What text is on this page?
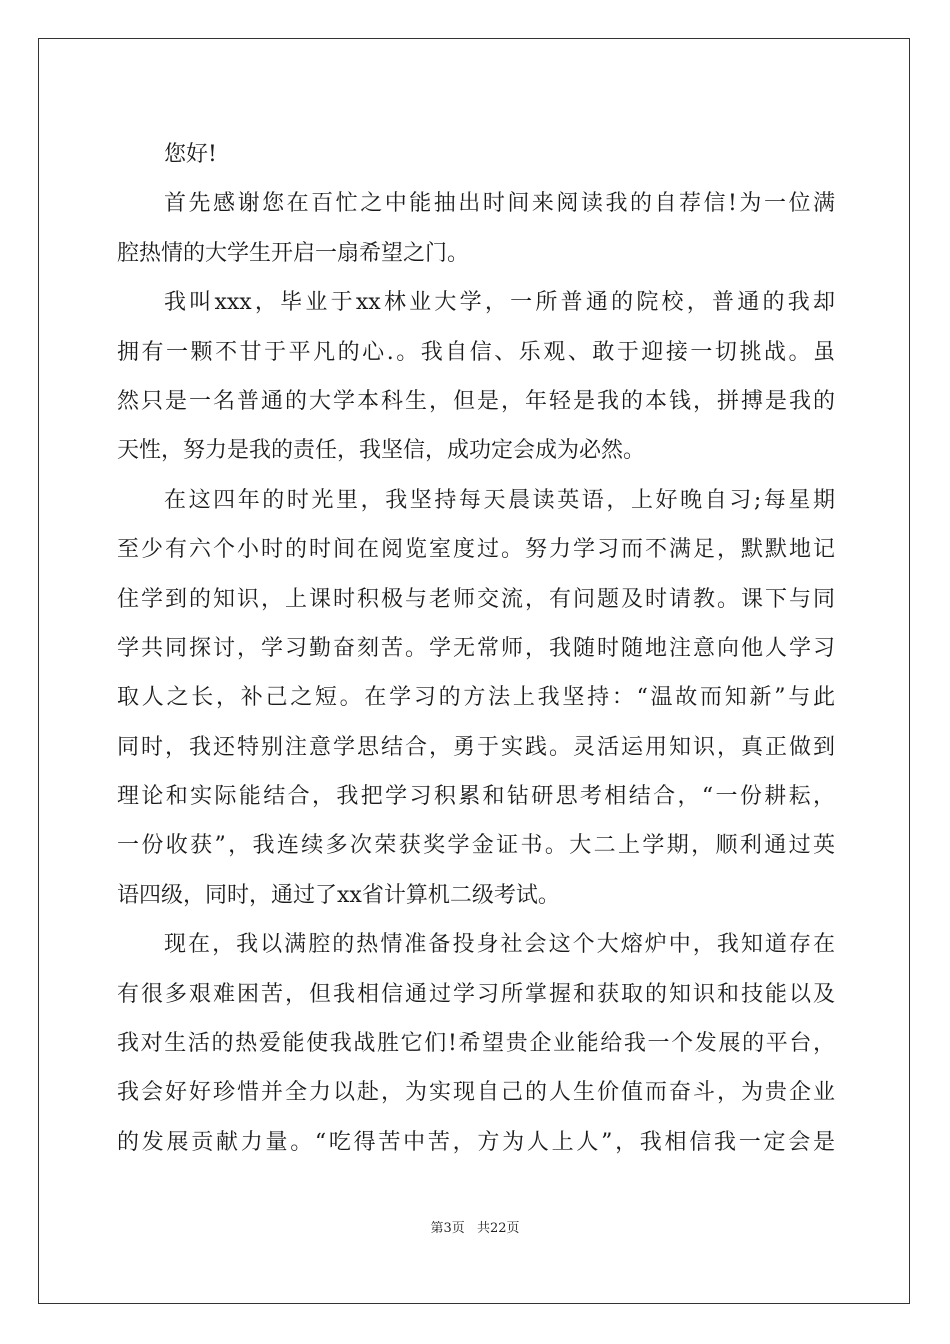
您好!
首先感谢您在百忙之中能抽出时间来阅读我的自荐信!为一位满
腔热情的大学生开启一扇希望之门。
我叫xxx，毕业于xx林业大学，一所普通的院校，普通的我却
拥有一颗不甘于平凡的心.。我自信、乐观、敢于迎接一切挑战。虽
然只是一名普通的大学本科生，但是，年轻是我的本钱，拼搏是我的
天性，努力是我的责任，我坚信，成功定会成为必然。
在这四年的时光里，我坚持每天晨读英语，上好晚自习;每星期
至少有六个小时的时间在阅览室度过。努力学习而不满足，默默地记
住学到的知识，上课时积极与老师交流，有问题及时请教。课下与同
学共同探讨，学习勤奋刻苦。学无常师，我随时随地注意向他人学习
取人之长，补己之短。在学习的方法上我坚持：“温故而知新”与此
同时，我还特别注意学思结合，勇于实践。灵活运用知识，真正做到
理论和实际能结合，我把学习积累和钻研思考相结合，“一份耕耘，
一份收获”，我连续多次荣获奖学金证书。大二上学期，顺利通过英
语四级，同时，通过了xx省计算机二级考试。
现在，我以满腔的热情准备投身社会这个大熔炉中，我知道存在
有很多艰难困苦，但我相信通过学习所掌握和获取的知识和技能以及
我对生活的热爱能使我战胜它们!希望贵企业能给我一个发展的平台，
我会好好珍惜并全力以赴，为实现自己的人生价值而奋斗，为贵企业
的发展贡献力量。“吃得苦中苦，方为人上人”，我相信我一定会是
第3页 共22页
